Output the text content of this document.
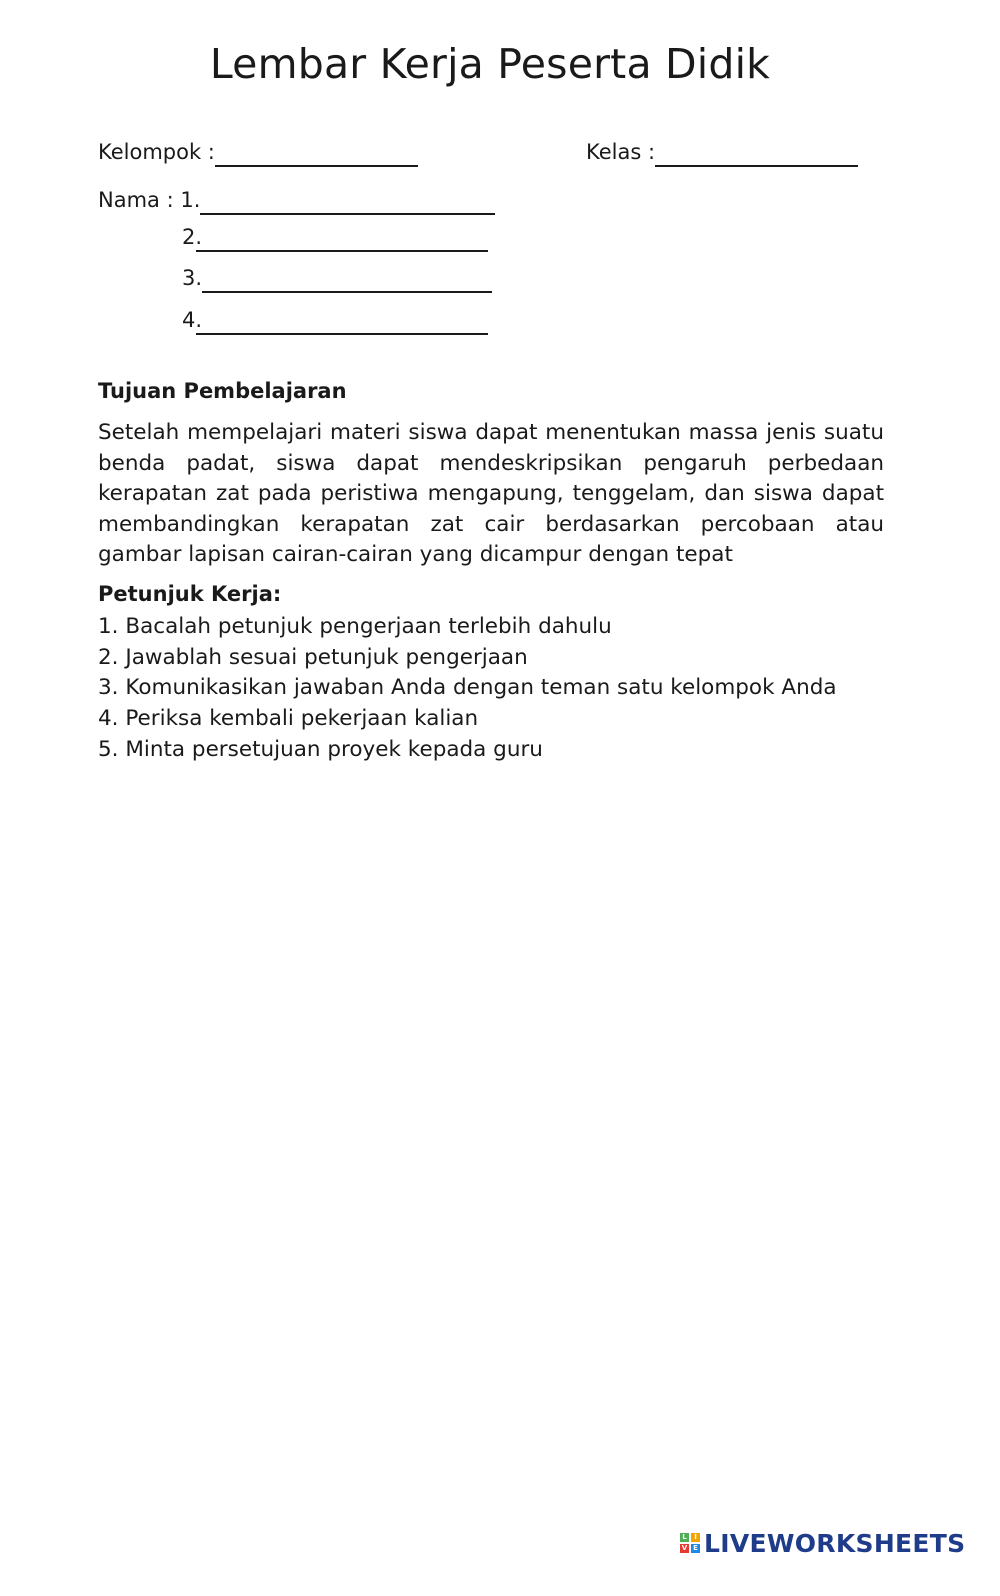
Lembar Kerja Peserta Didik
Kelompok :	Kelas :
Nama : 1.
2.
3.
4.
Tujuan Pembelajaran
Setelah mempelajari materi siswa dapat menentukan massa jenis suatu benda padat, siswa dapat mendeskripsikan pengaruh perbedaan kerapatan zat pada peristiwa mengapung, tenggelam, dan siswa dapat membandingkan kerapatan zat cair berdasarkan percobaan atau gambar lapisan cairan-cairan yang dicampur dengan tepat
Petunjuk Kerja:
1. Bacalah petunjuk pengerjaan terlebih dahulu
2. Jawablah sesuai petunjuk pengerjaan
3. Komunikasikan jawaban Anda dengan teman satu kelompok Anda
4. Periksa kembali pekerjaan kalian
5. Minta persetujuan proyek kepada guru
L	I
V E LIVEWORKSHEETS
